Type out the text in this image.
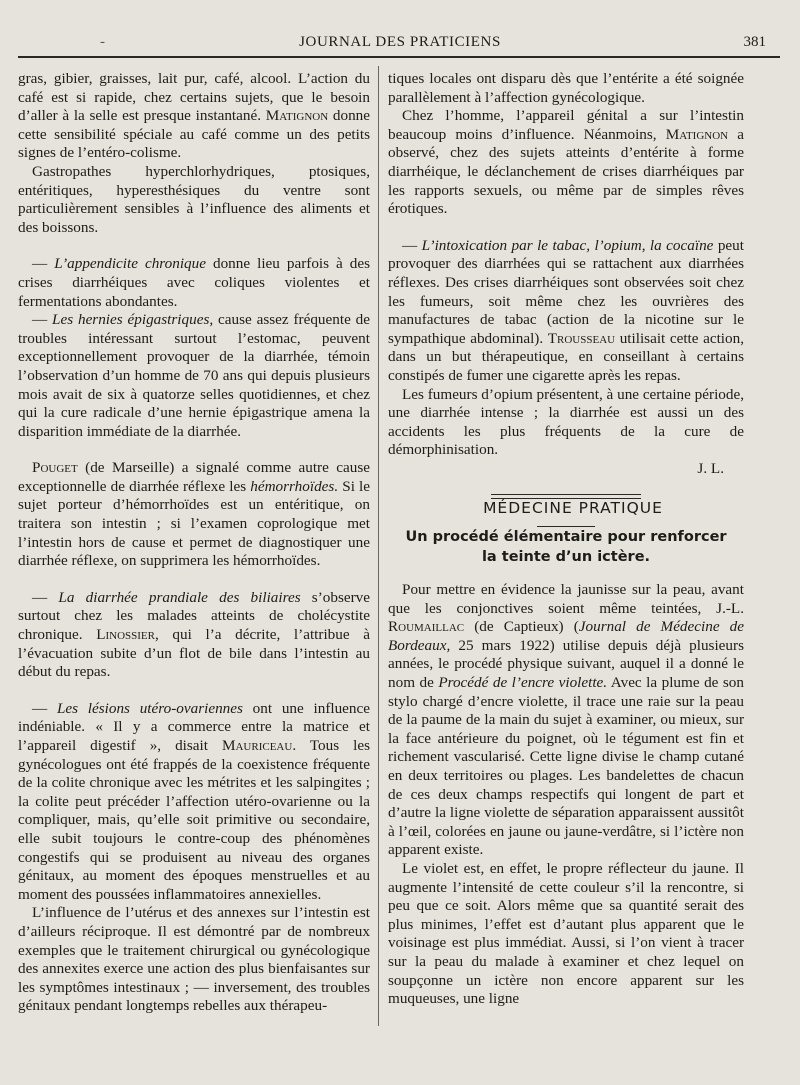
-	JOURNAL DES PRATICIENS	381

gras, gibier, graisses, lait pur, café, alcool. L’action du café est si rapide, chez certains sujets, que le besoin d’aller à la selle est presque instantané. Matignon donne cette sensibilité spéciale au café comme un des petits signes de l’entéro-colisme.

Gastropathes hyperchlorhydriques, ptosiques, entéritiques, hyperesthésiques du ventre sont particulièrement sensibles à l’influence des aliments et des boissons.

— L’appendicite chronique donne lieu parfois à des crises diarrhéiques avec coliques violentes et fermentations abondantes.

— Les hernies épigastriques, cause assez fréquente de troubles intéressant surtout l’estomac, peuvent exceptionnellement provoquer de la diarrhée, témoin l’observation d’un homme de 70 ans qui depuis plusieurs mois avait de six à quatorze selles quotidiennes, et chez qui la cure radicale d’une hernie épigastrique amena la disparition immédiate de la diarrhée.

Pouget (de Marseille) a signalé comme autre cause exceptionnelle de diarrhée réflexe les hémorrhoïdes. Si le sujet porteur d’hémorrhoïdes est un entéritique, on traitera son intestin ; si l’examen coprologique met l’intestin hors de cause et permet de diagnostiquer une diarrhée réflexe, on supprimera les hémorrhoïdes.

— La diarrhée prandiale des biliaires s’observe surtout chez les malades atteints de cholécystite chronique. Linossier, qui l’a décrite, l’attribue à l’évacuation subite d’un flot de bile dans l’intestin au début du repas.

— Les lésions utéro-ovariennes ont une influence indéniable. « Il y a commerce entre la matrice et l’appareil digestif », disait Mauriceau. Tous les gynécologues ont été frappés de la coexistence fréquente de la colite chronique avec les métrites et les salpingites ; la colite peut précéder l’affection utéro-ovarienne ou la compliquer, mais, qu’elle soit primitive ou secondaire, elle subit toujours le contre-coup des phénomènes congestifs qui se produisent au niveau des organes génitaux, au moment des époques menstruelles et au moment des poussées inflammatoires annexielles.

L’influence de l’utérus et des annexes sur l’intestin est d’ailleurs réciproque. Il est démontré par de nombreux exemples que le traitement chirurgical ou gynécologique des annexites exerce une action des plus bienfaisantes sur les symptômes intestinaux ; — inversement, des troubles génitaux pendant longtemps rebelles aux thérapeu-

tiques locales ont disparu dès que l’entérite a été soignée parallèlement à l’affection gynécologique.

Chez l’homme, l’appareil génital a sur l’intestin beaucoup moins d’influence. Néanmoins, Matignon a observé, chez des sujets atteints d’entérite à forme diarrhéique, le déclanchement de crises diarrhéiques par les rapports sexuels, ou même par de simples rêves érotiques.

— L’intoxication par le tabac, l’opium, la cocaïne peut provoquer des diarrhées qui se rattachent aux diarrhées réflexes. Des crises diarrhéiques sont observées soit chez les fumeurs, soit même chez les ouvrières des manufactures de tabac (action de la nicotine sur le sympathique abdominal). Trousseau utilisait cette action, dans un but thérapeutique, en conseillant à certains constipés de fumer une cigarette après les repas.

Les fumeurs d’opium présentent, à une certaine période, une diarrhée intense ; la diarrhée est aussi un des accidents les plus fréquents de la cure de démorphinisation.

J. L.

MÉDECINE PRATIQUE

Un procédé élémentaire pour renforcer
la teinte d’un ictère.

Pour mettre en évidence la jaunisse sur la peau, avant que les conjonctives soient même teintées, J.-L. Roumaillac (de Captieux) (Journal de Médecine de Bordeaux, 25 mars 1922) utilise depuis déjà plusieurs années, le procédé physique suivant, auquel il a donné le nom de Procédé de l’encre violette. Avec la plume de son stylo chargé d’encre violette, il trace une raie sur la peau de la paume de la main du sujet à examiner, ou mieux, sur la face antérieure du poignet, où le tégument est fin et richement vascularisé. Cette ligne divise le champ cutané en deux territoires ou plages. Les bandelettes de chacun de ces deux champs respectifs qui longent de part et d’autre la ligne violette de séparation apparaissent aussitôt à l’œil, colorées en jaune ou jaune-verdâtre, si l’ictère non apparent existe.

Le violet est, en effet, le propre réflecteur du jaune. Il augmente l’intensité de cette couleur s’il la rencontre, si peu que ce soit. Alors même que sa quantité serait des plus minimes, l’effet est d’autant plus apparent que le voisinage est plus immédiat. Aussi, si l’on vient à tracer sur la peau du malade à examiner et chez lequel on soupçonne un ictère non encore apparent sur les muqueuses, une ligne
